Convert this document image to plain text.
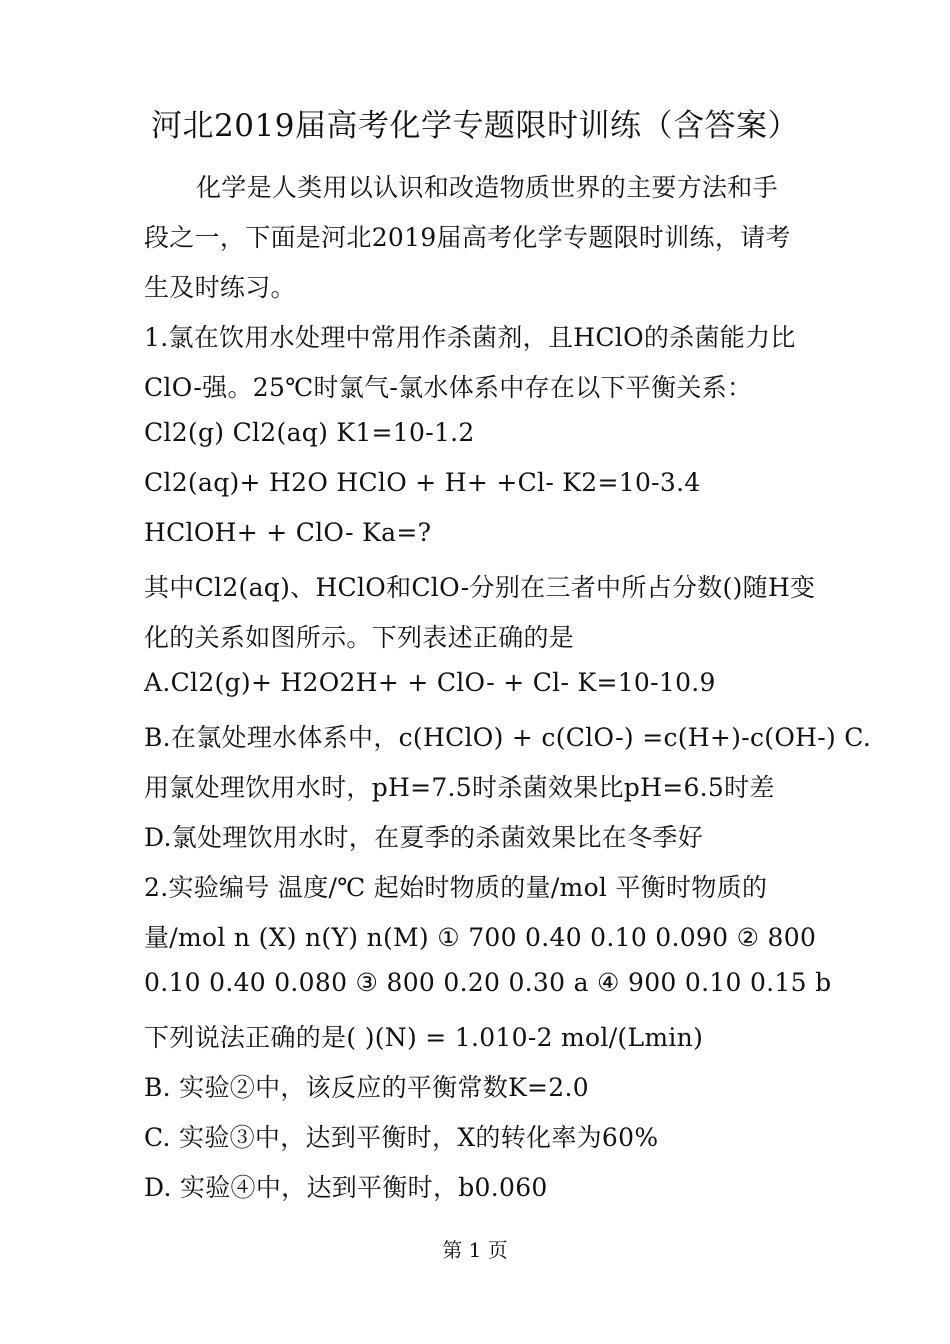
河北2019届高考化学专题限时训练（含答案）
化学是人类用以认识和改造物质世界的主要方法和手
段之一，下面是河北2019届高考化学专题限时训练，请考
生及时练习。
1.氯在饮用水处理中常用作杀菌剂，且HClO的杀菌能力比
ClO-强。25℃时氯气-氯水体系中存在以下平衡关系：
Cl2(g) Cl2(aq) K1=10-1.2
Cl2(aq)+ H2O HClO + H+ +Cl- K2=10-3.4
HClOH+ + ClO- Ka=?
其中Cl2(aq)、HClO和ClO-分别在三者中所占分数()随H变
化的关系如图所示。下列表述正确的是
A.Cl2(g)+ H2O2H+ + ClO- + Cl- K=10-10.9
B.在氯处理水体系中，c(HClO) + c(ClO-) =c(H+)-c(OH-) C.
用氯处理饮用水时，pH=7.5时杀菌效果比pH=6.5时差
D.氯处理饮用水时，在夏季的杀菌效果比在冬季好
2.实验编号 温度/℃ 起始时物质的量/mol 平衡时物质的
量/mol n (X) n(Y) n(M) ① 700 0.40 0.10 0.090 ② 800
0.10 0.40 0.080 ③ 800 0.20 0.30 a ④ 900 0.10 0.15 b
下列说法正确的是( )(N) = 1.010-2 mol/(Lmin)
B. 实验②中，该反应的平衡常数K=2.0
C. 实验③中，达到平衡时，X的转化率为60%
D. 实验④中，达到平衡时，b0.060
第 1 页
